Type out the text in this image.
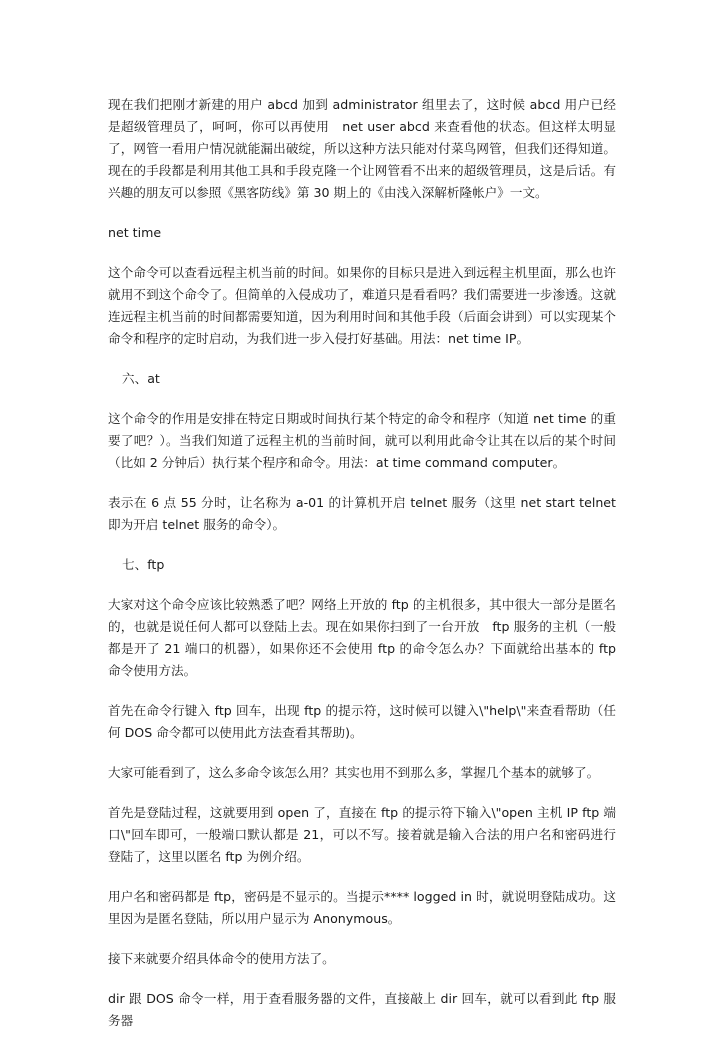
现在我们把刚才新建的用户 abcd 加到 administrator 组里去了，这时候 abcd 用户已经是超级管理员了，呵呵，你可以再使用　net user abcd 来查看他的状态。但这样太明显了，网管一看用户情况就能漏出破绽，所以这种方法只能对付菜鸟网管，但我们还得知道。现在的手段都是利用其他工具和手段克隆一个让网管看不出来的超级管理员，这是后话。有兴趣的朋友可以参照《黑客防线》第 30 期上的《由浅入深解析隆帐户》一文。

net time

这个命令可以查看远程主机当前的时间。如果你的目标只是进入到远程主机里面，那么也许就用不到这个命令了。但简单的入侵成功了，难道只是看看吗？我们需要进一步渗透。这就连远程主机当前的时间都需要知道，因为利用时间和其他手段（后面会讲到）可以实现某个命令和程序的定时启动，为我们进一步入侵打好基础。用法：net time IP。

六、at

这个命令的作用是安排在特定日期或时间执行某个特定的命令和程序（知道 net time 的重要了吧？）。当我们知道了远程主机的当前时间，就可以利用此命令让其在以后的某个时间（比如 2 分钟后）执行某个程序和命令。用法：at time command computer。

表示在 6 点 55 分时，让名称为 a-01 的计算机开启 telnet 服务（这里 net start telnet 即为开启 telnet 服务的命令）。

七、ftp

大家对这个命令应该比较熟悉了吧？网络上开放的 ftp 的主机很多，其中很大一部分是匿名的，也就是说任何人都可以登陆上去。现在如果你扫到了一台开放　ftp 服务的主机（一般都是开了 21 端口的机器），如果你还不会使用 ftp 的命令怎么办？下面就给出基本的 ftp 命令使用方法。

首先在命令行键入 ftp 回车，出现 ftp 的提示符，这时候可以键入\"help\"来查看帮助（任何 DOS 命令都可以使用此方法查看其帮助)。

大家可能看到了，这么多命令该怎么用？其实也用不到那么多，掌握几个基本的就够了。

首先是登陆过程，这就要用到 open 了，直接在 ftp 的提示符下输入\"open 主机 IP ftp 端口\"回车即可，一般端口默认都是 21，可以不写。接着就是输入合法的用户名和密码进行登陆了，这里以匿名 ftp 为例介绍。

用户名和密码都是 ftp，密码是不显示的。当提示**** logged in 时，就说明登陆成功。这里因为是匿名登陆，所以用户显示为 Anonymous。

接下来就要介绍具体命令的使用方法了。

dir 跟 DOS 命令一样，用于查看服务器的文件，直接敲上 dir 回车，就可以看到此 ftp 服务器
